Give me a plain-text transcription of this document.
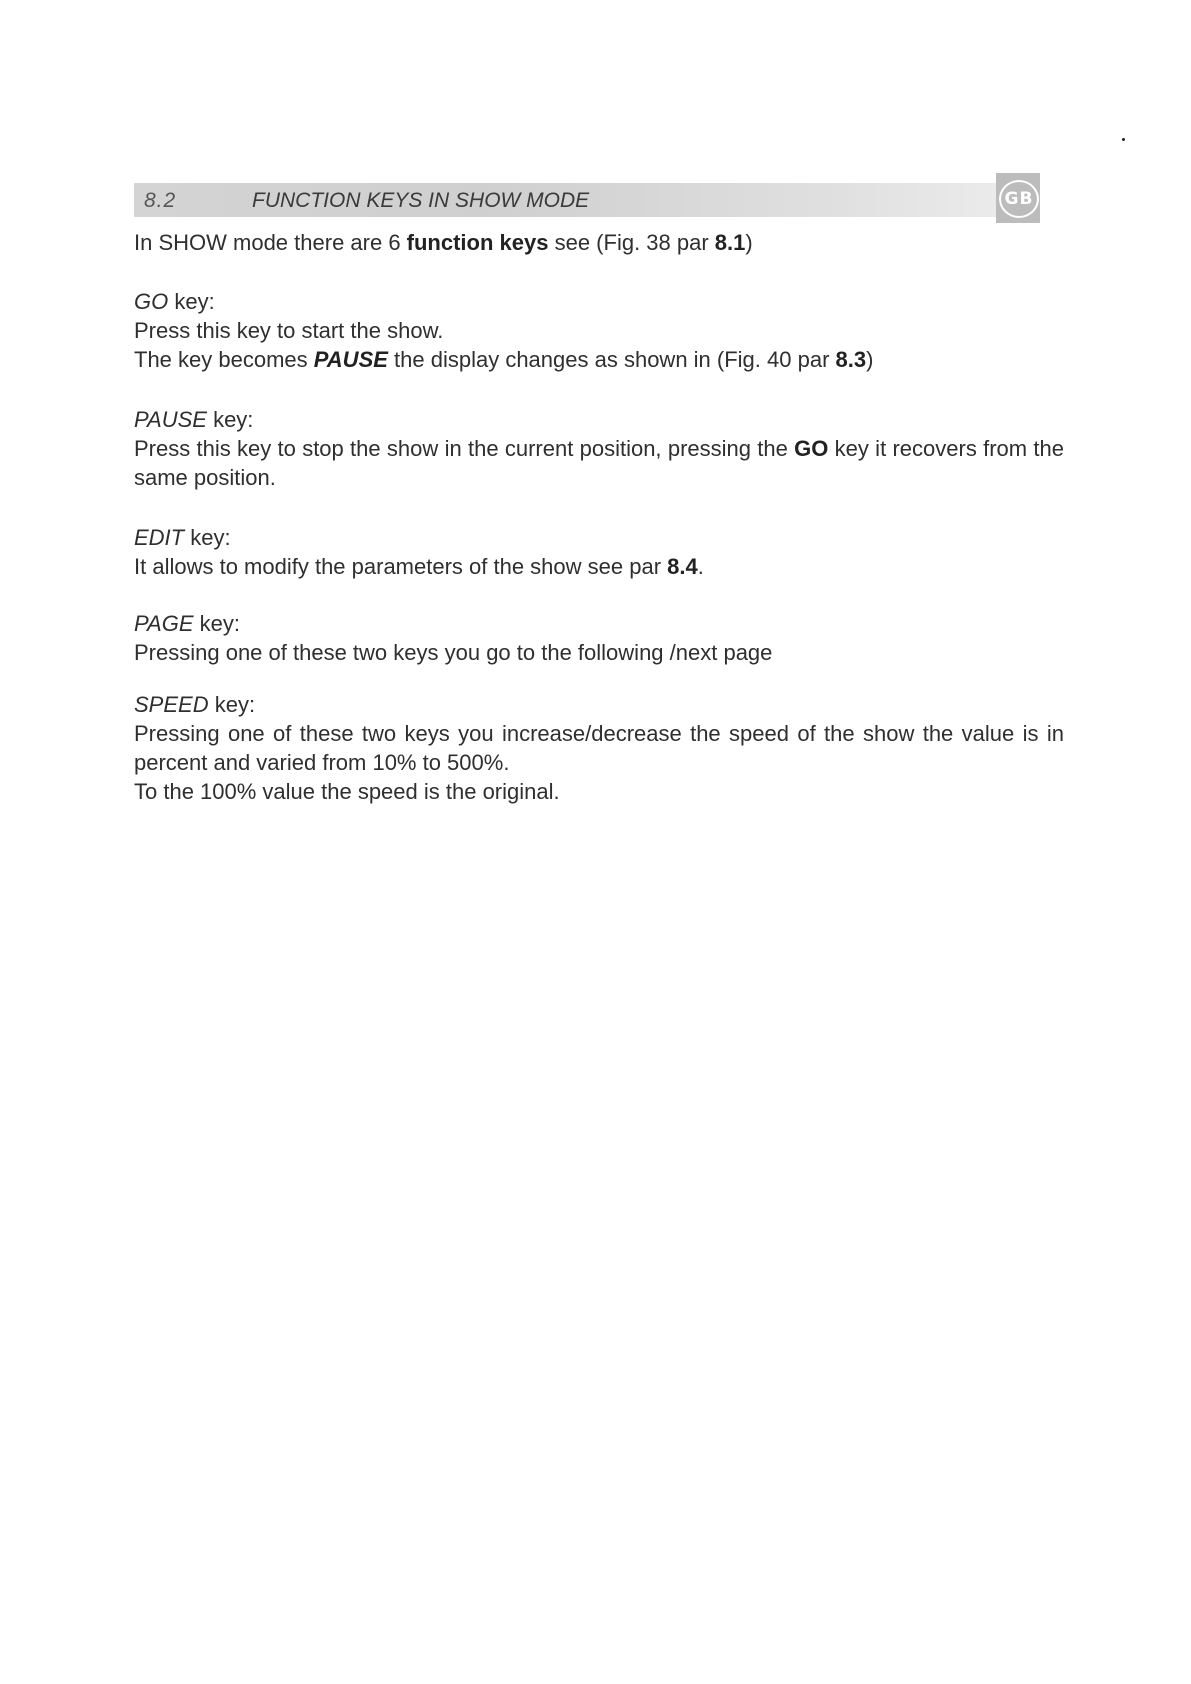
8.2	FUNCTION KEYS IN SHOW MODE	GB
In SHOW mode there are 6 function keys see (Fig. 38 par 8.1)
GO key:
Press this key to start the show.
The key becomes PAUSE the display changes as shown in (Fig. 40 par 8.3)
PAUSE key:
Press this key to stop the show in the current position, pressing the GO key it recovers from the same position.
EDIT key:
It allows to modify the parameters of the show see par 8.4.
PAGE key:
Pressing one of these two keys you go to the following /next page
SPEED key:
Pressing one of these two keys you increase/decrease the speed of the show the value is in percent and varied from 10% to 500%.
To the 100% value the speed is the original.
